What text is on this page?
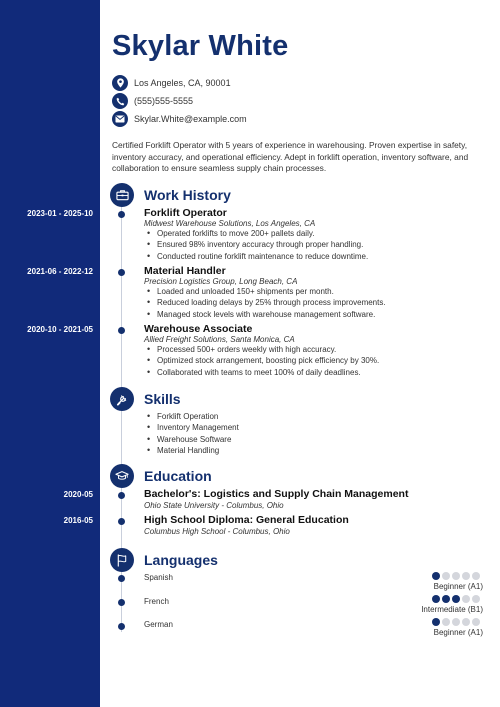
Skylar White
Los Angeles, CA, 90001
(555)555-5555
Skylar.White@example.com
Certified Forklift Operator with 5 years of experience in warehousing. Proven expertise in safety, inventory accuracy, and operational efficiency. Adept in forklift operation, inventory software, and collaboration to ensure seamless supply chain processes.
Work History
2023-01 - 2025-10	Forklift Operator
Midwest Warehouse Solutions, Los Angeles, CA
• Operated forklifts to move 200+ pallets daily.
• Ensured 98% inventory accuracy through proper handling.
• Conducted routine forklift maintenance to reduce downtime.
2021-06 - 2022-12	Material Handler
Precision Logistics Group, Long Beach, CA
• Loaded and unloaded 150+ shipments per month.
• Reduced loading delays by 25% through process improvements.
• Managed stock levels with warehouse management software.
2020-10 - 2021-05	Warehouse Associate
Allied Freight Solutions, Santa Monica, CA
• Processed 500+ orders weekly with high accuracy.
• Optimized stock arrangement, boosting pick efficiency by 30%.
• Collaborated with teams to meet 100% of daily deadlines.
Skills
• Forklift Operation
• Inventory Management
• Warehouse Software
• Material Handling
Education
2020-05	Bachelor's: Logistics and Supply Chain Management
Ohio State University - Columbus, Ohio
2016-05	High School Diploma: General Education
Columbus High School - Columbus, Ohio
Languages
Spanish
Beginner (A1)
French
Intermediate (B1)
German
Beginner (A1)
